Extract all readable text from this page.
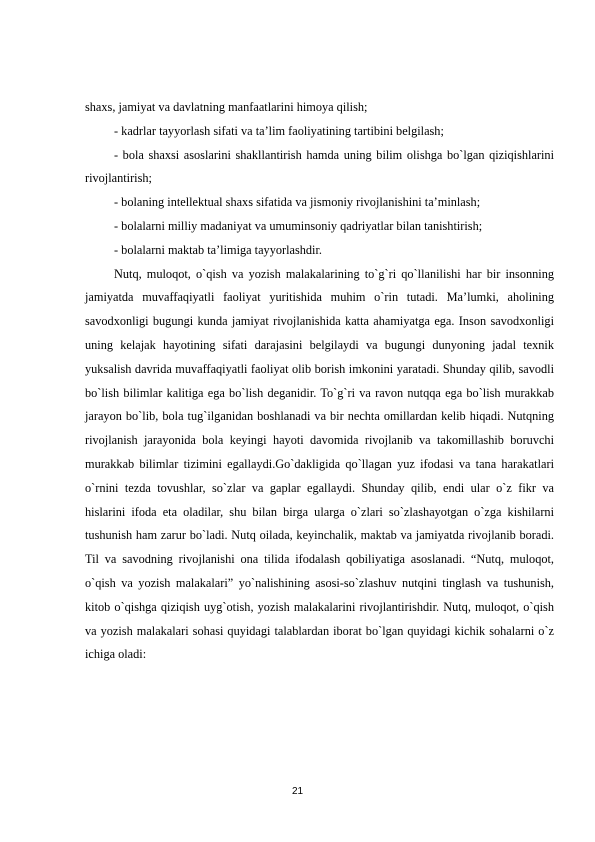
shaxs, jamiyat va davlatning manfaatlarini himoya qilish;

- kadrlar tayyorlash sifati va ta’lim faoliyatining tartibini belgilash;

- bola shaxsi asoslarini shakllantirish hamda uning bilim olishga bo`lgan qiziqishlarini rivojlantirish;

- bolaning intellektual shaxs sifatida va jismoniy rivojlanishini ta’minlash;

- bolalarni milliy madaniyat va umuminsoniy qadriyatlar bilan tanishtirish;

- bolalarni maktab ta’limiga tayyorlashdir.

Nutq, muloqot, o`qish va yozish malakalarining to`g`ri qo`llanilishi har bir insonning jamiyatda muvaffaqiyatli faoliyat yuritishida muhim o`rin tutadi. Ma’lumki, aholining savodxonligi bugungi kunda jamiyat rivojlanishida katta ahamiyatga ega. Inson savodxonligi uning kelajak hayotining sifati darajasini belgilaydi va bugungi dunyoning jadal texnik yuksalish davrida muvaffaqiyatli faoliyat olib borish imkonini yaratadi. Shunday qilib, savodli bo`lish bilimlar kalitiga ega bo`lish deganidir. To`g`ri va ravon nutqqa ega bo`lish murakkab jarayon bo`lib, bola tug`ilganidan boshlanadi va bir nechta omillardan kelib hiqadi. Nutqning rivojlanish jarayonida bola keyingi hayoti davomida rivojlanib va takomillashib boruvchi murakkab bilimlar tizimini egallaydi.Go`dakligida qo`llagan yuz ifodasi va tana harakatlari o`rnini tezda tovushlar, so`zlar va gaplar egallaydi. Shunday qilib, endi ular o`z fikr va hislarini ifoda eta oladilar, shu bilan birga ularga o`zlari so`zlashayotgan o`zga kishilarni tushunish ham zarur bo`ladi. Nutq oilada, keyinchalik, maktab va jamiyatda rivojlanib boradi. Til va savodning rivojlanishi ona tilida ifodalash qobiliyatiga asoslanadi. “Nutq, muloqot, o`qish va yozish malakalari” yo`nalishining asosi-so`zlashuv nutqini tinglash va tushunish, kitob o`qishga qiziqish uyg`otish, yozish malakalarini rivojlantirishdir. Nutq, muloqot, o`qish va yozish malakalari sohasi quyidagi talablardan iborat bo`lgan quyidagi kichik sohalarni o`z ichiga oladi:

21
